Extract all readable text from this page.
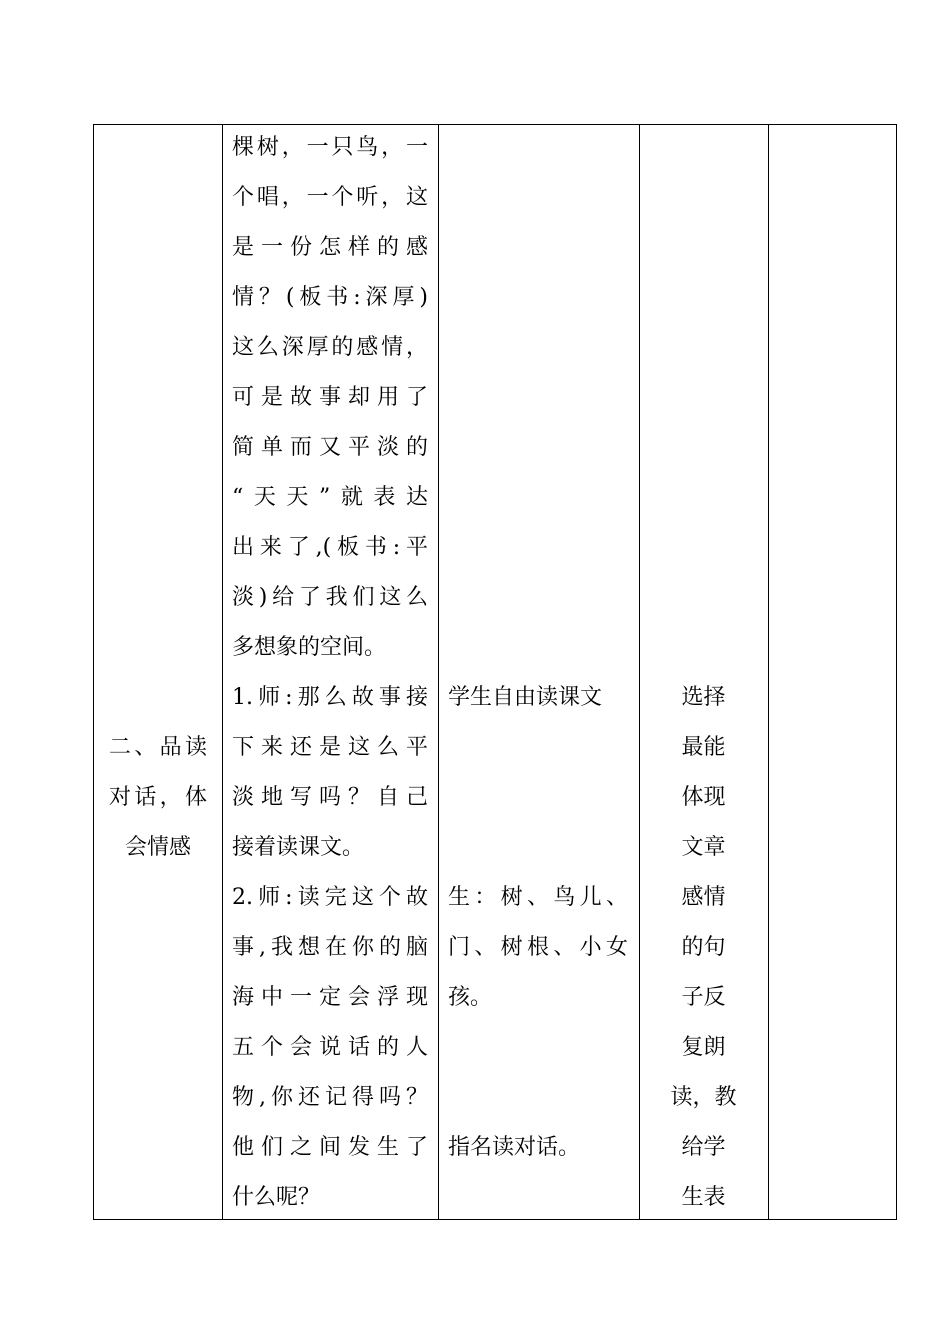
二、品读
对话，体
会情感
棵树，一只鸟，一
个唱，一个听，这
是一份怎样的感
情？(板书:深厚)
这么深厚的感情，
可是故事却用了
简单而又平淡的
“天天”就表达
出来了,(板书:平
淡)给了我们这么
多想象的空间。
1.师:那么故事接
下来还是这么平
淡地写吗？自己
接着读课文。
2.师:读完这个故
事,我想在你的脑
海中一定会浮现
五个会说话的人
物,你还记得吗？
他们之间发生了
什么呢？
学生自由读课文
生：树、鸟儿、
门、树根、小女
孩。
指名读对话。
选择
最能
体现
文章
感情
的句
子反
复朗
读，教
给学
生表
